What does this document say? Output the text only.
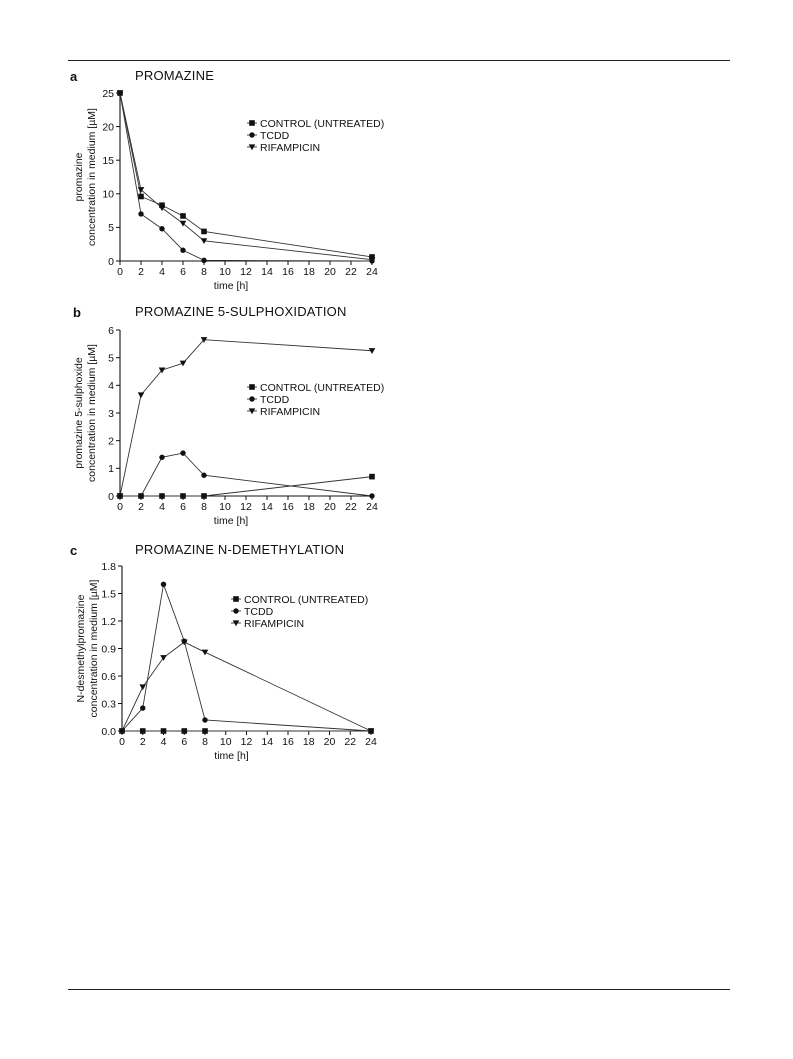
a	PROMAZINE
0 2 4 6 8 10 12 14 16 18 20 22 24
0
5
10
15
20
25
time [h]
promazine concentration in medium [µM]	CONTROL (UNTREATED)
TCDD
RIFAMPICIN
b	PROMAZINE 5-SULPHOXIDATION
0 2 4 6 8 10 12 14 16 18 20 22 24
0
1
2
3
4
5
6
time [h]
promazine 5-sulphoxide concentration in medium [µM]	CONTROL (UNTREATED)
TCDD
RIFAMPICIN
c	PROMAZINE N-DEMETHYLATION
0 2 4 6 8 10 12 14 16 18 20 22 24
0.0
0.3
0.6
0.9
1.2
1.5
1.8
time [h]
N-desmethylpromazine concentration in medium [µM]	CONTROL (UNTREATED)
TCDD
RIFAMPICIN
